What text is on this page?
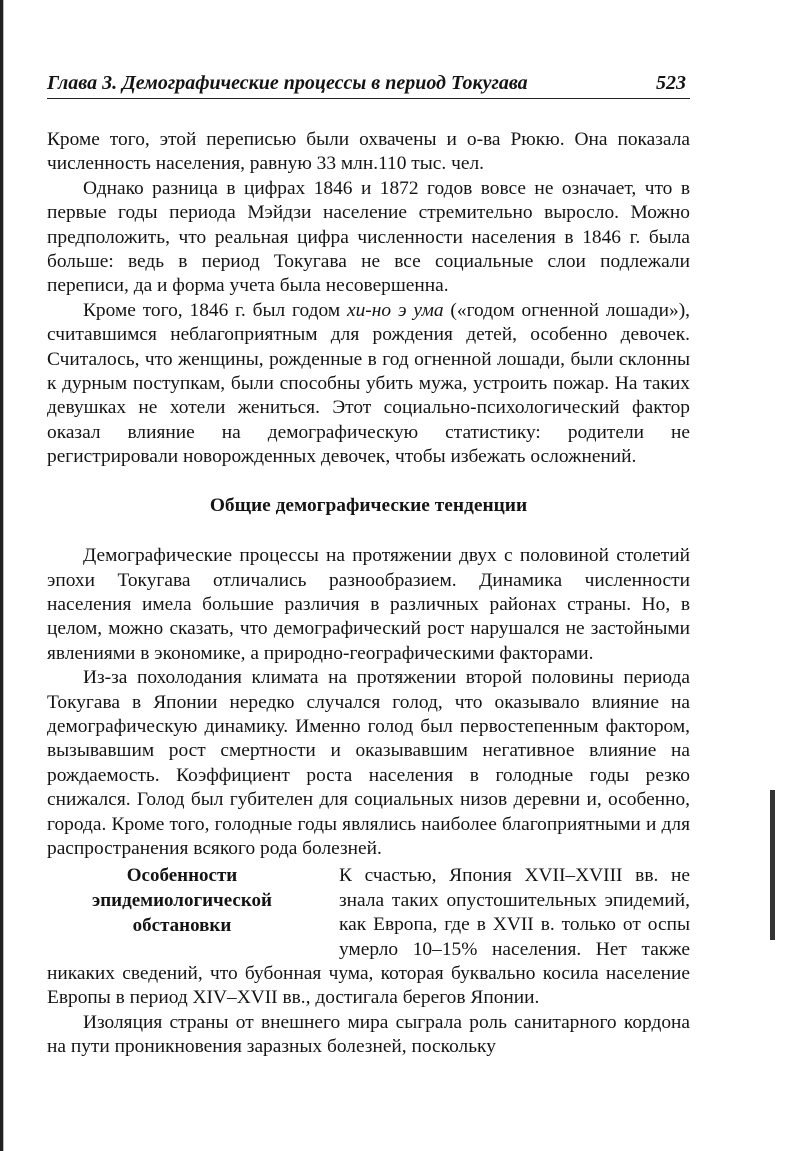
Глава 3. Демографические процессы в период Токугава	523

Кроме того, этой переписью были охвачены и о-ва Рюкю. Она показала численность населения, равную 33 млн.110 тыс. чел.

Однако разница в цифрах 1846 и 1872 годов вовсе не означает, что в первые годы периода Мэйдзи население стремительно выросло. Можно предположить, что реальная цифра численности населения в 1846 г. была больше: ведь в период Токугава не все социальные слои подлежали переписи, да и форма учета была несовершенна.

Кроме того, 1846 г. был годом хи-но э ума («годом огненной лошади»), считавшимся неблагоприятным для рождения детей, особенно девочек. Считалось, что женщины, рожденные в год огненной лошади, были склонны к дурным поступкам, были способны убить мужа, устроить пожар. На таких девушках не хотели жениться. Этот социально-психологический фактор оказал влияние на демографическую статистику: родители не регистрировали новорожденных девочек, чтобы избежать осложнений.

Общие демографические тенденции

Демографические процессы на протяжении двух с половиной столетий эпохи Токугава отличались разнообразием. Динамика численности населения имела большие различия в различных районах страны. Но, в целом, можно сказать, что демографический рост нарушался не застойными явлениями в экономике, а природно-географическими факторами.

Из-за похолодания климата на протяжении второй половины периода Токугава в Японии нередко случался голод, что оказывало влияние на демографическую динамику. Именно голод был первостепенным фактором, вызывавшим рост смертности и оказывавшим негативное влияние на рождаемость. Коэффициент роста населения в голодные годы резко снижался. Голод был губителен для социальных низов деревни и, особенно, города. Кроме того, голодные годы являлись наиболее благоприятными и для распространения всякого рода болезней.

Особенности эпидемиологической обстановки

К счастью, Япония XVII–XVIII вв. не знала таких опустошительных эпидемий, как Европа, где в XVII в. только от оспы умерло 10–15% населения. Нет также никаких сведений, что бубонная чума, которая буквально косила население Европы в период XIV–XVII вв., достигала берегов Японии.

Изоляция страны от внешнего мира сыграла роль санитарного кордона на пути проникновения заразных болезней, поскольку
